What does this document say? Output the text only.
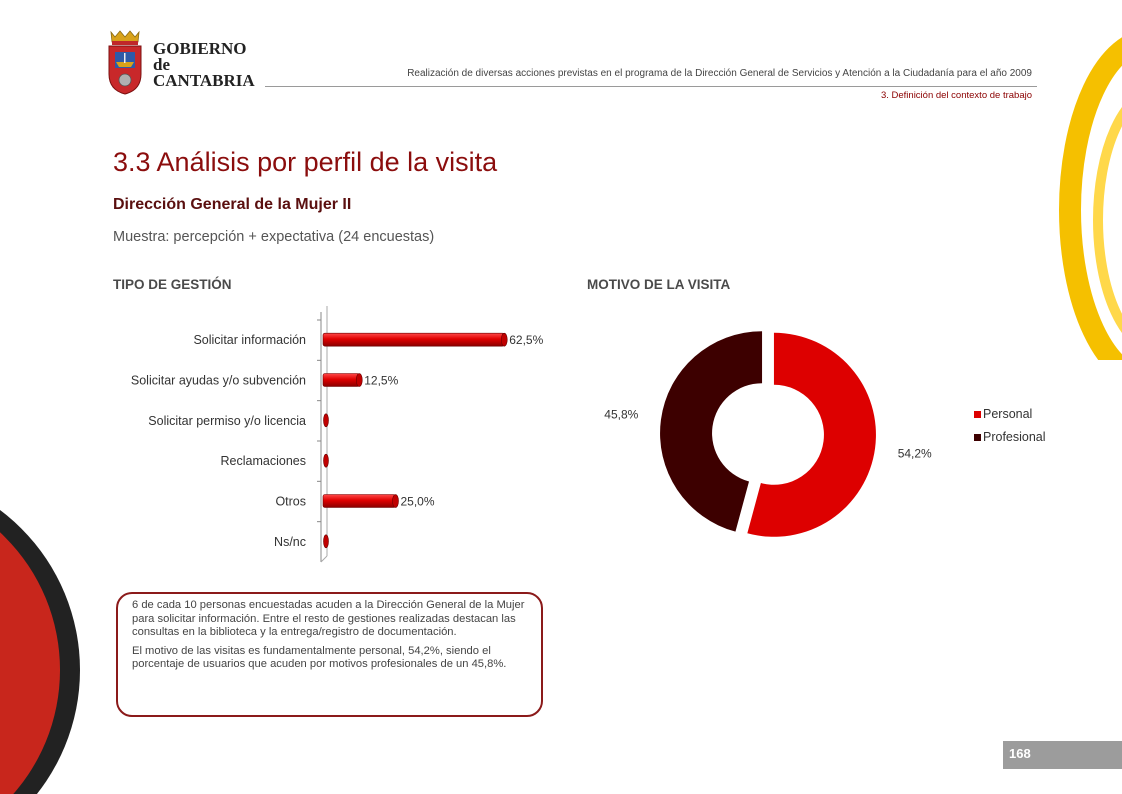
GOBIERNO
de
CANTABRIA	Realización de diversas acciones previstas en el programa de la Dirección General de Servicios y Atención a la Ciudadanía para el año 2009
3. Definición del contexto de trabajo
3.3 Análisis por perfil de la visita
Dirección General de la Mujer II
Muestra: percepción + expectativa (24 encuestas)
TIPO DE GESTIÓN	MOTIVO DE LA VISITA
Solicitar información	62,5%
Solicitar ayudas y/o subvención	12,5%
Solicitar permiso y/o licencia
Reclamaciones
Otros	25,0%
Ns/nc
54,2%
45,8%	Personal
Profesional

6 de cada 10 personas encuestadas acuden a la Dirección General de la Mujer para solicitar información. Entre el resto de gestiones realizadas destacan las consultas en la biblioteca y la entrega/registro de documentación.

El motivo de las visitas es fundamentalmente personal, 54,2%, siendo el porcentaje de usuarios que acuden por motivos profesionales de un 45,8%.

168
